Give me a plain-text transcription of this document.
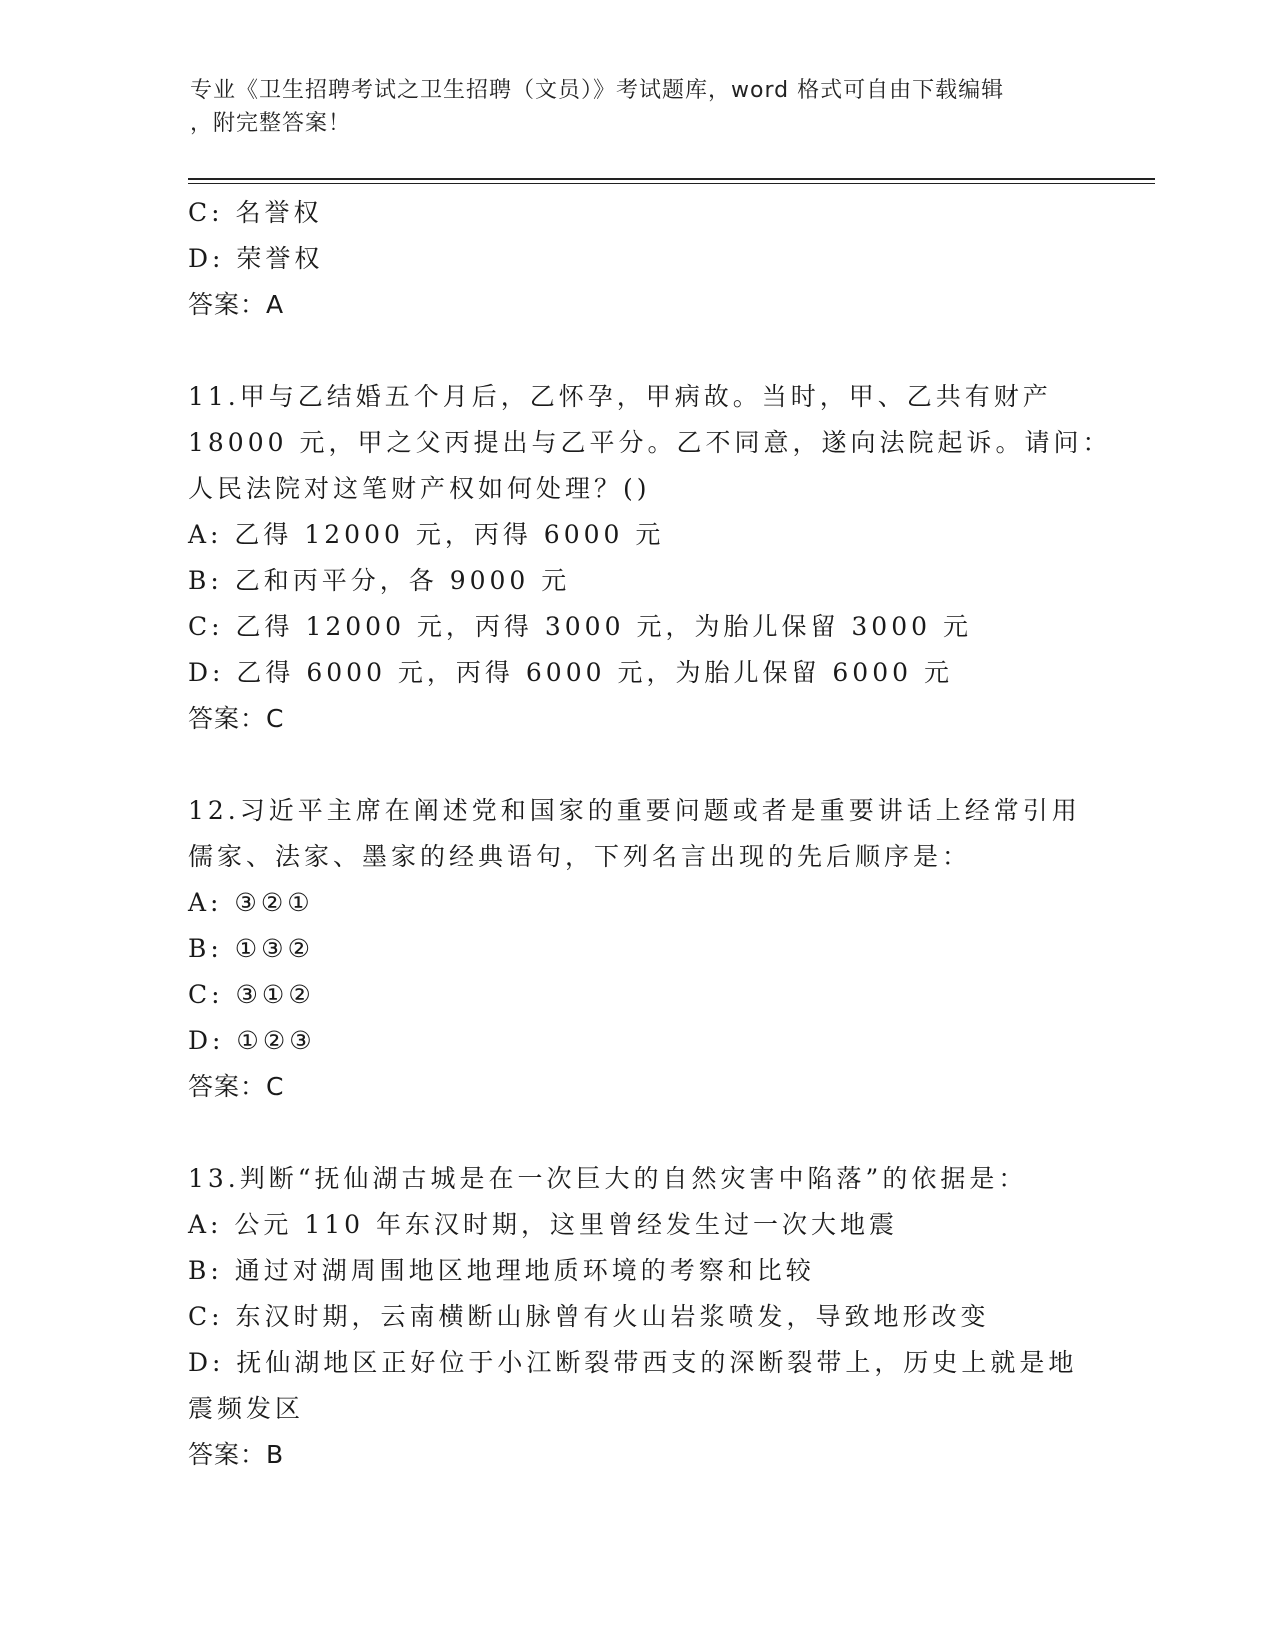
专业《卫生招聘考试之卫生招聘（文员）》考试题库，word 格式可自由下载编辑
，附完整答案！
C: 名誉权
D: 荣誉权
答案：A
11.甲与乙结婚五个月后，乙怀孕，甲病故。当时，甲、乙共有财产
18000 元，甲之父丙提出与乙平分。乙不同意，遂向法院起诉。请问：
人民法院对这笔财产权如何处理？()
A: 乙得 12000 元，丙得 6000 元
B: 乙和丙平分，各 9000 元
C: 乙得 12000 元，丙得 3000 元，为胎儿保留 3000 元
D: 乙得 6000 元，丙得 6000 元，为胎儿保留 6000 元
答案：C
12.习近平主席在阐述党和国家的重要问题或者是重要讲话上经常引用
儒家、法家、墨家的经典语句，下列名言出现的先后顺序是：
A: ③②①
B: ①③②
C: ③①②
D: ①②③
答案：C
13.判断“抚仙湖古城是在一次巨大的自然灾害中陷落”的依据是：
A: 公元 110 年东汉时期，这里曾经发生过一次大地震
B: 通过对湖周围地区地理地质环境的考察和比较
C: 东汉时期，云南横断山脉曾有火山岩浆喷发，导致地形改变
D: 抚仙湖地区正好位于小江断裂带西支的深断裂带上，历史上就是地
震频发区
答案：B
